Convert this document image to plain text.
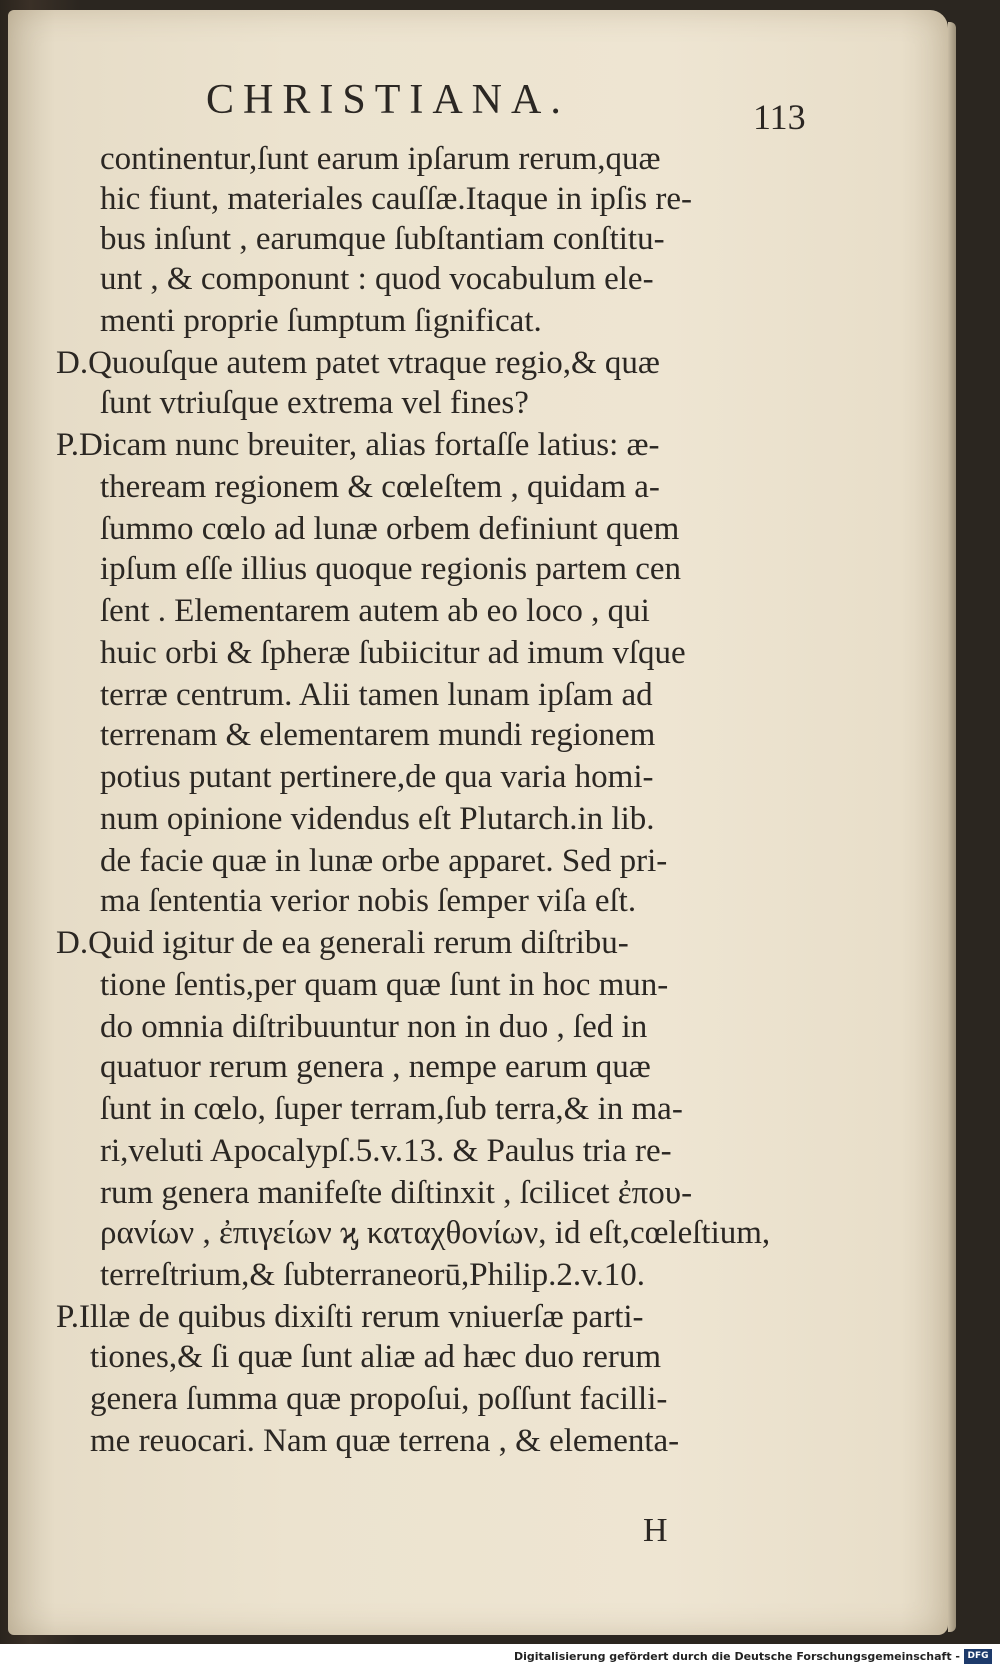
CHRISTIANA.	113
continentur,ſunt earum ipſarum rerum,quæ
hic fiunt, materiales cauſſæ.Itaque in ipſis re-
bus inſunt , earumque ſubſtantiam conſtitu-
unt , & componunt : quod vocabulum ele-
menti proprie ſumptum ſignificat.
D.Quouſque autem patet vtraque regio,& quæ
ſunt vtriuſque extrema vel fines?
P.Dicam nunc breuiter, alias fortaſſe latius: æ-
theream regionem & cœleſtem , quidam a-
ſummo cœlo ad lunæ orbem definiunt quem
ipſum eſſe illius quoque regionis partem cen
ſent . Elementarem autem ab eo loco , qui
huic orbi & ſpheræ ſubiicitur ad imum vſque
terræ centrum. Alii tamen lunam ipſam ad
terrenam & elementarem mundi regionem
potius putant pertinere,de qua varia homi-
num opinione videndus eſt Plutarch.in lib.
de facie quæ in lunæ orbe apparet. Sed pri-
ma ſententia verior nobis ſemper viſa eſt.
D.Quid igitur de ea generali rerum diſtribu-
tione ſentis,per quam quæ ſunt in hoc mun-
do omnia diſtribuuntur non in duo , ſed in
quatuor rerum genera , nempe earum quæ
ſunt in cœlo, ſuper terram,ſub terra,& in ma-
ri,veluti Apocalypſ.5.v.13. & Paulus tria re-
rum genera manifeſte diſtinxit , ſcilicet ἐπου-
ρανίων , ἐπιγείων ϗ καταχθονίων, id eſt,cœleſtium,
terreſtrium,& ſubterraneorū,Philip.2.v.10.
P.Illæ de quibus dixiſti rerum vniuerſæ parti-
tiones,& ſi quæ ſunt aliæ ad hæc duo rerum
genera ſumma quæ propoſui, poſſunt facilli-
me reuocari. Nam quæ terrena , & elementa-
H
Digitalisierung gefördert durch die Deutsche Forschungsgemeinschaft - DFG
